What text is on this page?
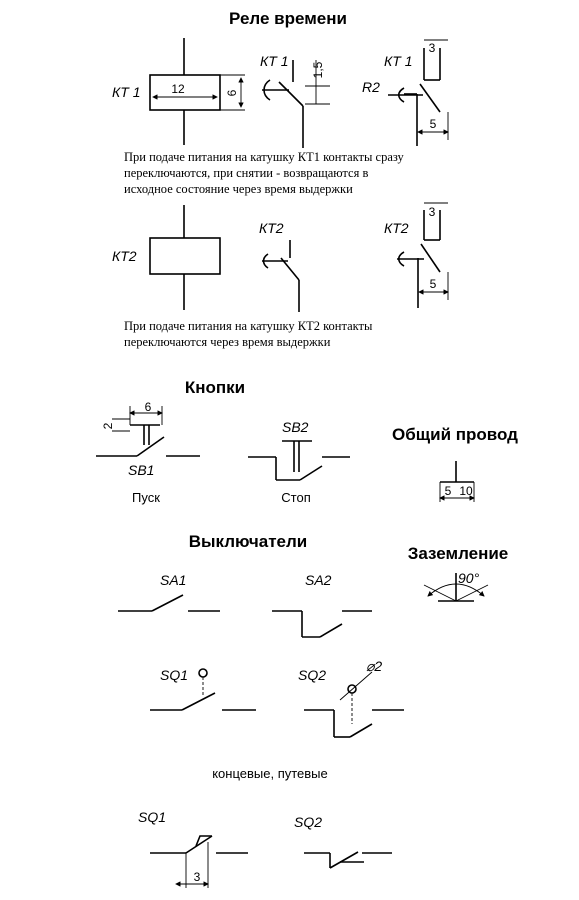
Реле времени
КТ 1	12	6
КТ 1
1,5
КТ 1
R2
3
5
При подаче питания на катушку КТ1 контакты сразу
переключаются, при снятии - возвращаются в
исходное состояние через время выдержки
КТ2
КТ2	КТ2
3
5
При подаче питания на катушку КТ2 контакты
переключаются через время выдержки
Кнопки
6
2
SB1
Пуск
SB2
Стоп
Общий провод
5 10
Выключатели
SA1	SA2
Заземление
90°
SQ1	SQ2
⌀2
концевые, путевые
SQ1
3
SQ2
